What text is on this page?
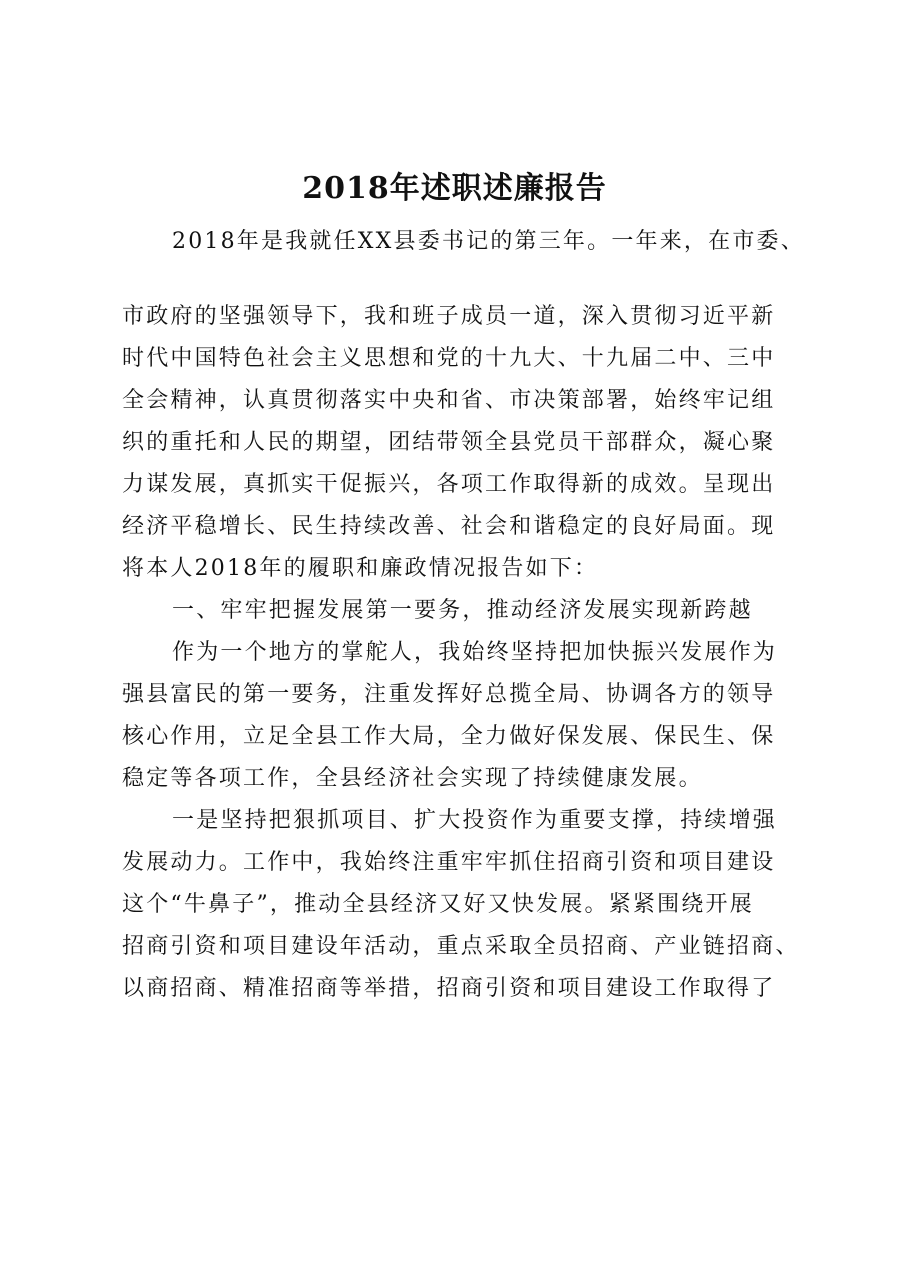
2018年述职述廉报告
2018年是我就任XX县委书记的第三年。一年来，在市委、
市政府的坚强领导下，我和班子成员一道，深入贯彻习近平新
时代中国特色社会主义思想和党的十九大、十九届二中、三中
全会精神，认真贯彻落实中央和省、市决策部署，始终牢记组
织的重托和人民的期望，团结带领全县党员干部群众，凝心聚
力谋发展，真抓实干促振兴，各项工作取得新的成效。呈现出
经济平稳增长、民生持续改善、社会和谐稳定的良好局面。现
将本人2018年的履职和廉政情况报告如下：
一、牢牢把握发展第一要务，推动经济发展实现新跨越
作为一个地方的掌舵人，我始终坚持把加快振兴发展作为
强县富民的第一要务，注重发挥好总揽全局、协调各方的领导
核心作用，立足全县工作大局，全力做好保发展、保民生、保
稳定等各项工作，全县经济社会实现了持续健康发展。
一是坚持把狠抓项目、扩大投资作为重要支撑，持续增强
发展动力。工作中，我始终注重牢牢抓住招商引资和项目建设
这个“牛鼻子”，推动全县经济又好又快发展。紧紧围绕开展
招商引资和项目建设年活动，重点采取全员招商、产业链招商、
以商招商、精准招商等举措，招商引资和项目建设工作取得了
